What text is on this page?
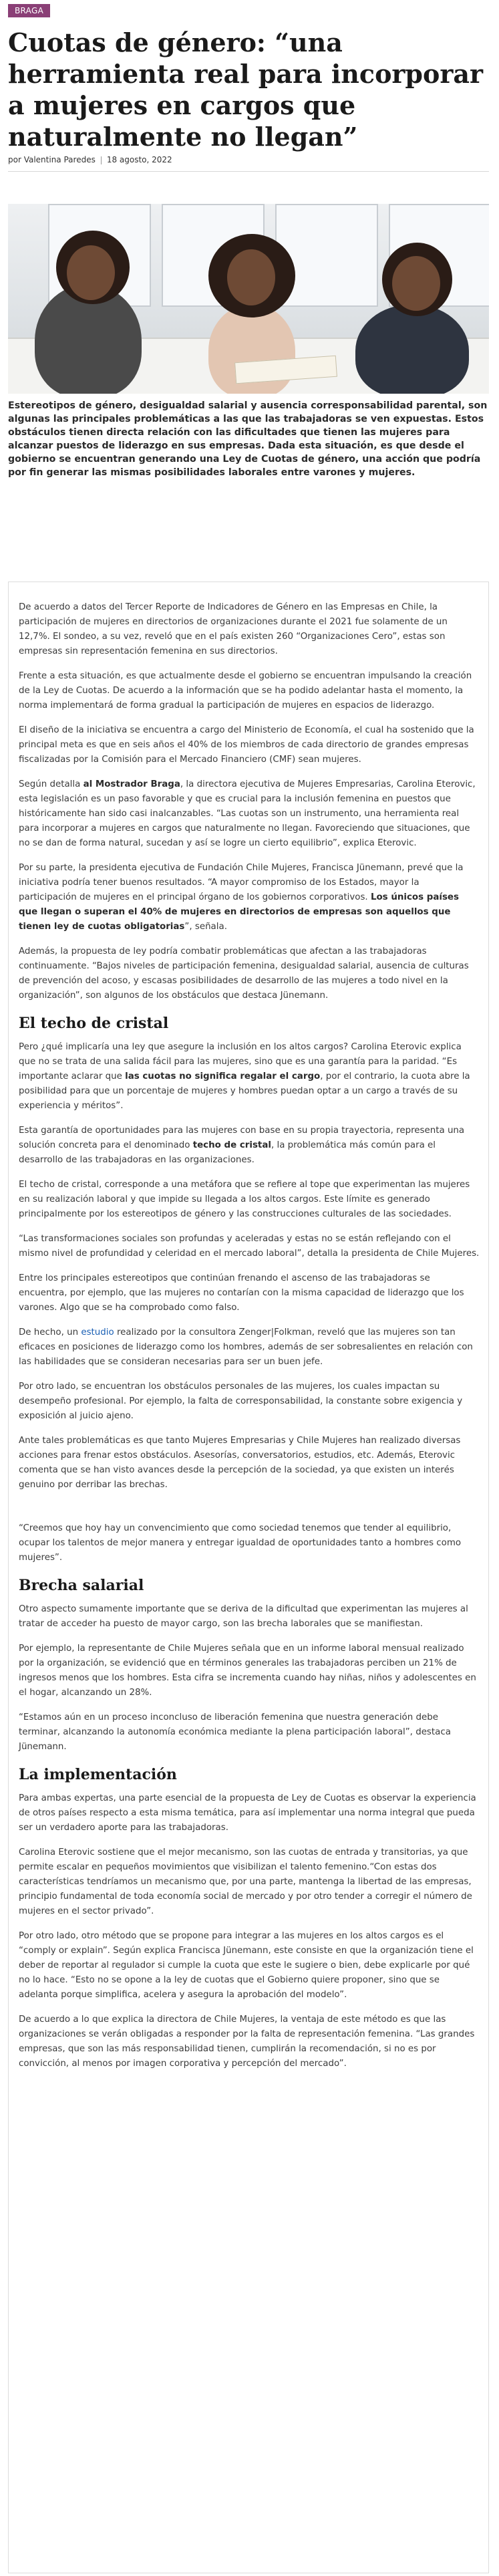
BRAGA
Cuotas de género: “una herramienta real para incorporar a mujeres en cargos que naturalmente no llegan”
por Valentina Paredes 18 agosto, 2022
Estereotipos de género, desigualdad salarial y ausencia corresponsabilidad parental, son algunas las principales problemáticas a las que las trabajadoras se ven expuestas. Estos obstáculos tienen directa relación con las dificultades que tienen las mujeres para alcanzar puestos de liderazgo en sus empresas. Dada esta situación, es que desde el gobierno se encuentran generando una Ley de Cuotas de género, una acción que podría por fin generar las mismas posibilidades laborales entre varones y mujeres.

De acuerdo a datos del Tercer Reporte de Indicadores de Género en las Empresas en Chile, la participación de mujeres en directorios de organizaciones durante el 2021 fue solamente de un 12,7%. El sondeo, a su vez, reveló que en el país existen 260 “Organizaciones Cero”, estas son empresas sin representación femenina en sus directorios.

Frente a esta situación, es que actualmente desde el gobierno se encuentran impulsando la creación de la Ley de Cuotas. De acuerdo a la información que se ha podido adelantar hasta el momento, la norma implementará de forma gradual la participación de mujeres en espacios de liderazgo.

El diseño de la iniciativa se encuentra a cargo del Ministerio de Economía, el cual ha sostenido que la principal meta es que en seis años el 40% de los miembros de cada directorio de grandes empresas fiscalizadas por la Comisión para el Mercado Financiero (CMF) sean mujeres.

Según detalla al Mostrador Braga, la directora ejecutiva de Mujeres Empresarias, Carolina Eterovic, esta legislación es un paso favorable y que es crucial para la inclusión femenina en puestos que históricamente han sido casi inalcanzables. “Las cuotas son un instrumento, una herramienta real para incorporar a mujeres en cargos que naturalmente no llegan. Favoreciendo que situaciones, que no se dan de forma natural, sucedan y así se logre un cierto equilibrio”, explica Eterovic.

Por su parte, la presidenta ejecutiva de Fundación Chile Mujeres, Francisca Jünemann, prevé que la iniciativa podría tener buenos resultados. “A mayor compromiso de los Estados, mayor la participación de mujeres en el principal órgano de los gobiernos corporativos. Los únicos países que llegan o superan el 40% de mujeres en directorios de empresas son aquellos que tienen ley de cuotas obligatorias”, señala.

Además, la propuesta de ley podría combatir problemáticas que afectan a las trabajadoras continuamente. “Bajos niveles de participación femenina, desigualdad salarial, ausencia de culturas de prevención del acoso, y escasas posibilidades de desarrollo de las mujeres a todo nivel en la organización”, son algunos de los obstáculos que destaca Jünemann.

El techo de cristal

Pero ¿qué implicaría una ley que asegure la inclusión en los altos cargos? Carolina Eterovic explica que no se trata de una salida fácil para las mujeres, sino que es una garantía para la paridad. “Es importante aclarar que las cuotas no significa regalar el cargo, por el contrario, la cuota abre la posibilidad para que un porcentaje de mujeres y hombres puedan optar a un cargo a través de su experiencia y méritos”.

Esta garantía de oportunidades para las mujeres con base en su propia trayectoria, representa una solución concreta para el denominado techo de cristal, la problemática más común para el desarrollo de las trabajadoras en las organizaciones.

El techo de cristal, corresponde a una metáfora que se refiere al tope que experimentan las mujeres en su realización laboral y que impide su llegada a los altos cargos. Este límite es generado principalmente por los estereotipos de género y las construcciones culturales de las sociedades.

“Las transformaciones sociales son profundas y aceleradas y estas no se están reflejando con el mismo nivel de profundidad y celeridad en el mercado laboral”, detalla la presidenta de Chile Mujeres.

Entre los principales estereotipos que continúan frenando el ascenso de las trabajadoras se encuentra, por ejemplo, que las mujeres no contarían con la misma capacidad de liderazgo que los varones. Algo que se ha comprobado como falso.

De hecho, un estudio realizado por la consultora Zenger|Folkman, reveló que las mujeres son tan eficaces en posiciones de liderazgo como los hombres, además de ser sobresalientes en relación con las habilidades que se consideran necesarias para ser un buen jefe.

Por otro lado, se encuentran los obstáculos personales de las mujeres, los cuales impactan su desempeño profesional. Por ejemplo, la falta de corresponsabilidad, la constante sobre exigencia y exposición al juicio ajeno.

Ante tales problemáticas es que tanto Mujeres Empresarias y Chile Mujeres han realizado diversas acciones para frenar estos obstáculos. Asesorías, conversatorios, estudios, etc. Además, Eterovic comenta que se han visto avances desde la percepción de la sociedad, ya que existen un interés genuino por derribar las brechas.

“Creemos que hoy hay un convencimiento que como sociedad tenemos que tender al equilibrio, ocupar los talentos de mejor manera y entregar igualdad de oportunidades tanto a hombres como mujeres”.

Brecha salarial

Otro aspecto sumamente importante que se deriva de la dificultad que experimentan las mujeres al tratar de acceder ha puesto de mayor cargo, son las brecha laborales que se manifiestan.

Por ejemplo, la representante de Chile Mujeres señala que en un informe laboral mensual realizado por la organización, se evidenció que en términos generales las trabajadoras perciben un 21% de ingresos menos que los hombres. Esta cifra se incrementa cuando hay niñas, niños y adolescentes en el hogar, alcanzando un 28%.

“Estamos aún en un proceso inconcluso de liberación femenina que nuestra generación debe terminar, alcanzando la autonomía económica mediante la plena participación laboral”, destaca Jünemann.

La implementación

Para ambas expertas, una parte esencial de la propuesta de Ley de Cuotas es observar la experiencia de otros países respecto a esta misma temática, para así implementar una norma integral que pueda ser un verdadero aporte para las trabajadoras.

Carolina Eterovic sostiene que el mejor mecanismo, son las cuotas de entrada y transitorias, ya que permite escalar en pequeños movimientos que visibilizan el talento femenino.“Con estas dos características tendríamos un mecanismo que, por una parte, mantenga la libertad de las empresas, principio fundamental de toda economía social de mercado y por otro tender a corregir el número de mujeres en el sector privado”.

Por otro lado, otro método que se propone para integrar a las mujeres en los altos cargos es el “comply or explain”. Según explica Francisca Jünemann, este consiste en que la organización tiene el deber de reportar al regulador si cumple la cuota que este le sugiere o bien, debe explicarle por qué no lo hace. “Esto no se opone a la ley de cuotas que el Gobierno quiere proponer, sino que se adelanta porque simplifica, acelera y asegura la aprobación del modelo”.

De acuerdo a lo que explica la directora de Chile Mujeres, la ventaja de este método es que las organizaciones se verán obligadas a responder por la falta de representación femenina. “Las grandes empresas, que son las más responsabilidad tienen, cumplirán la recomendación, si no es por convicción, al menos por imagen corporativa y percepción del mercado”.
